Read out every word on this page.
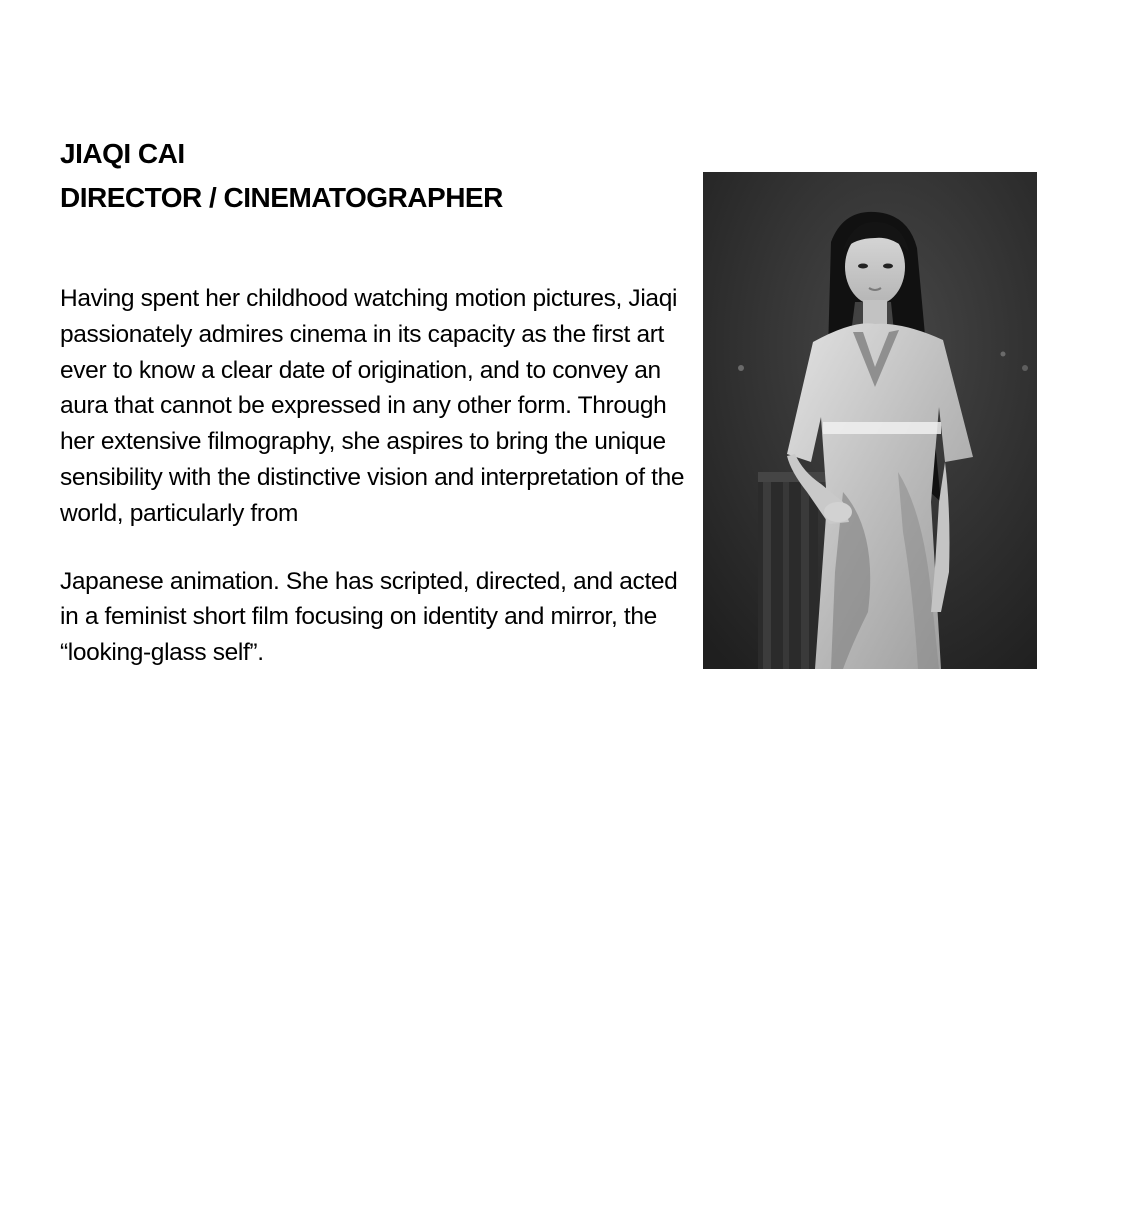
JIAQI CAI
DIRECTOR / CINEMATOGRAPHER

Having spent her childhood watching motion pictures, Jiaqi passionately admires cinema in its capacity as the first art ever to know a clear date of origination, and to convey an aura that cannot be expressed in any other form. Through her extensive filmography, she aspires to bring the unique sensibility with the distinctive vision and interpretation of the world, particularly from

Japanese animation. She has scripted, directed, and acted in a feminist short film focusing on identity and mirror, the “looking-glass self”.
